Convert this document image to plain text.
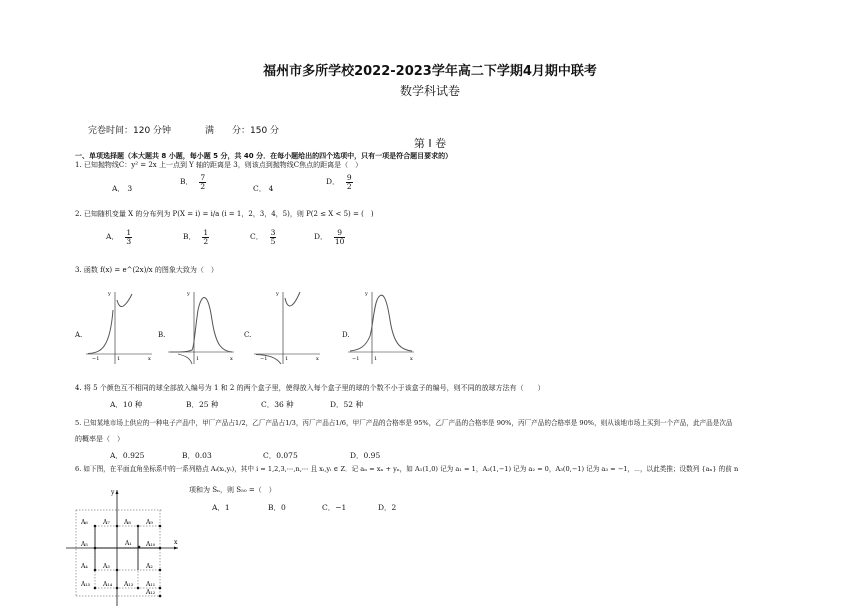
福州市多所学校2022-2023学年高二下学期4月期中联考
数学科试卷
完卷时间：120 分钟	满　　分：150 分
第 Ⅰ 卷
一、单项选择题（本大题共 8 小题，每小题 5 分，共 40 分．在每小题给出的四个选项中，只有一项是符合题目要求的）
1. 已知抛物线C：y² = 2x 上一点到 Y 轴的距离是 3，则该点到抛物线C焦点的距离是（　）
A． 3
B． $\frac{7}{2}$	C． 4
D． $\frac{9}{2}$
2. 已知随机变量 X 的分布列为 P(X = i) = i/a (i = 1，2，3，4，5)，则 P(2 ≤ X < 5) = (　)
A． $\frac{1}{3}$	B． $\frac{1}{2}$	C． $\frac{3}{5}$	D． $\frac{9}{10}$
3. 函数 f(x) = e^(2x)/x 的图象大致为（　）
A.
y
x
−1	1
B.
y
x
1
C.
y
x
−1	1
D.
y
x
−1	1
4. 将 5 个颜色互不相同的球全部放入编号为 1 和 2 的两个盒子里，使得放入每个盒子里的球的个数不小于该盒子的编号，则不同的放球方法有（　　）
A．10 种	B．25 种	C．36 种	D．52 种
5. 已知某地市场上供应的一种电子产品中，甲厂产品占1/2，乙厂产品占1/3，丙厂产品占1/6，甲厂产品的合格率是 95%，乙厂产品的合格率是 90%，丙厂产品的合格率是 90%，则从该地市场上买到一个产品，此产品是次品
的概率是（　）
A．0.925	B．0.03	C．0.075	D．0.95
6. 如下图，在平面直角坐标系中的一系列格点 Aᵢ(xᵢ,yᵢ)，其中 i = 1,2,3,⋯,n,⋯ 且 xᵢ,yᵢ ∈ Z．记 aₙ = xₙ + yₙ，如 A₁(1,0) 记为 a₁ = 1，A₂(1,−1) 记为 a₂ = 0，A₃(0,−1) 记为 a₃ = −1，⋯，以此类推；设数列 {aₙ} 的前 n
项和为 Sₙ，则 S₅₀ =（　）
A．1	B．0	C．−1	D．2
A₁
A₂
A₃
A₄
A₅
A₆	A₇ A₈	A₉
A₁₀
A₁₁
A₁₂
A₁₃
A₁₄
A₁₅
y
x
